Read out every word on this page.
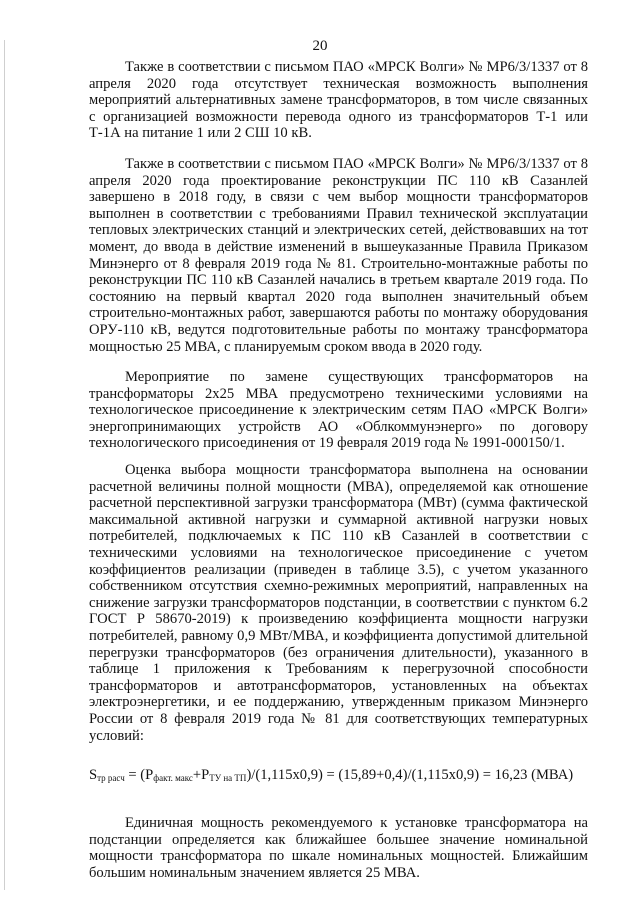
20

Также в соответствии с письмом ПАО «МРСК Волги» № МР6/3/1337 от 8 апреля 2020 года отсутствует техническая возможность выполнения мероприятий альтернативных замене трансформаторов, в том числе связанных с организацией возможности перевода одного из трансформаторов Т-1 или Т-1А на питание 1 или 2 СШ 10 кВ.

Также в соответствии с письмом ПАО «МРСК Волги» № МР6/3/1337 от 8 апреля 2020 года проектирование реконструкции ПС 110 кВ Сазанлей завершено в 2018 году, в связи с чем выбор мощности трансформаторов выполнен в соответствии с требованиями Правил технической эксплуатации тепловых электрических станций и электрических сетей, действовавших на тот момент, до ввода в действие изменений в вышеуказанные Правила Приказом Минэнерго от 8 февраля 2019 года № 81. Строительно-монтажные работы по реконструкции ПС 110 кВ Сазанлей начались в третьем квартале 2019 года. По состоянию на первый квартал 2020 года выполнен значительный объем строительно-монтажных работ, завершаются работы по монтажу оборудования ОРУ-110 кВ, ведутся подготовительные работы по монтажу трансформатора мощностью 25 МВА, с планируемым сроком ввода в 2020 году.

Мероприятие по замене существующих трансформаторов на трансформаторы 2х25 МВА предусмотрено техническими условиями на технологическое присоединение к электрическим сетям ПАО «МРСК Волги» энергопринимающих устройств АО «Облкоммунэнерго» по договору технологического присоединения от 19 февраля 2019 года № 1991-000150/1.

Оценка выбора мощности трансформатора выполнена на основании расчетной величины полной мощности (МВА), определяемой как отношение расчетной перспективной загрузки трансформатора (МВт) (сумма фактической максимальной активной нагрузки и суммарной активной нагрузки новых потребителей, подключаемых к ПС 110 кВ Сазанлей в соответствии с техническими условиями на технологическое присоединение с учетом коэффициентов реализации (приведен в таблице 3.5), с учетом указанного собственником отсутствия схемно-режимных мероприятий, направленных на снижение загрузки трансформаторов подстанции, в соответствии с пунктом 6.2 ГОСТ Р 58670-2019) к произведению коэффициента мощности нагрузки потребителей, равному 0,9 МВт/МВА, и коэффициента допустимой длительной перегрузки трансформаторов (без ограничения длительности), указанного в таблице 1 приложения к Требованиям к перегрузочной способности трансформаторов и автотрансформаторов, установленных на объектах электроэнергетики, и ее поддержанию, утвержденным приказом Минэнерго России от 8 февраля 2019 года № 81 для соответствующих температурных условий:

$S_{тр расч} = (P_{факт. макс}+P_{ТУ на ТП})/(1,115x0,9) = (15,89+0,4)/(1,115x0,9) = 16,23$ (МВА)

Единичная мощность рекомендуемого к установке трансформатора на подстанции определяется как ближайшее большее значение номинальной мощности трансформатора по шкале номинальных мощностей. Ближайшим большим номинальным значением является 25 МВА.
